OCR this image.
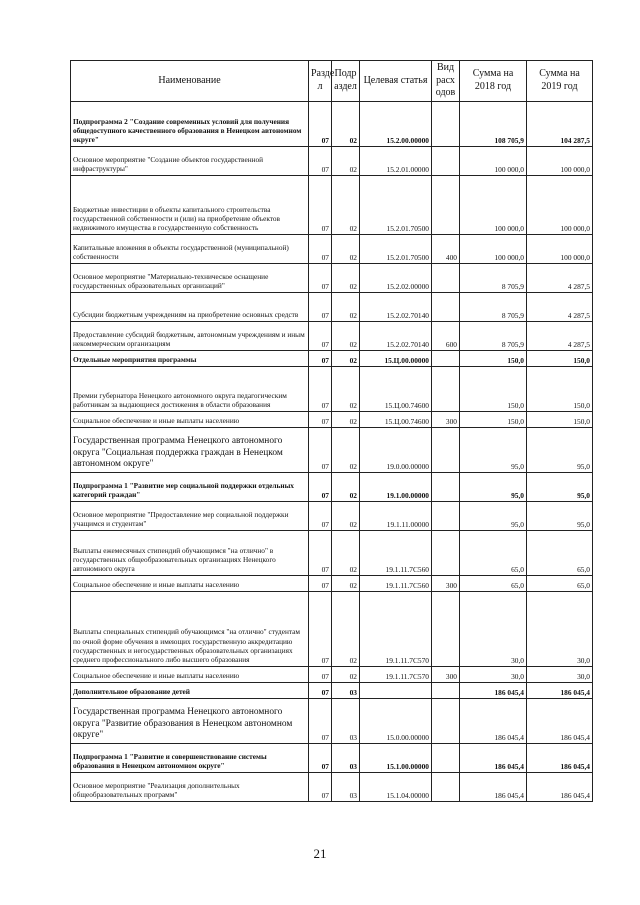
Наименование	Разде л	Подр аздел	Целевая статья	Вид расх одов	Сумма на 2018 год	Сумма на 2019 год
Подпрограмма 2 "Создание современных условий для получения общедоступного качественного образования в Ненецком автономном округе"	07	02	15.2.00.00000		108 705,9	104 287,5
Основное мероприятие "Создание объектов государственной инфраструктуры"	07	02	15.2.01.00000		100 000,0	100 000,0
Бюджетные инвестиции в объекты капитального строительства государственной собственности и (или) на приобретение объектов недвижимого имущества в государственную собственность	07	02	15.2.01.70500		100 000,0	100 000,0
Капитальные вложения в объекты государственной (муниципальной) собственности	07	02	15.2.01.70500	400	100 000,0	100 000,0
Основное мероприятие "Материально-техническое оснащение государственных образовательных организаций"	07	02	15.2.02.00000		8 705,9	4 287,5
Субсидии бюджетным учреждениям на приобретение основных средств	07	02	15.2.02.70140		8 705,9	4 287,5
Предоставление субсидий бюджетным, автономным учреждениям и иным некоммерческим организациям	07	02	15.2.02.70140	600	8 705,9	4 287,5
Отдельные мероприятия программы	07	02	15.Ц.00.00000		150,0	150,0
Премии губернатора Ненецкого автономного округа педагогическим работникам за выдающиеся достижения в области образования	07	02	15.Ц.00.74600		150,0	150,0
Социальное обеспечение и иные выплаты населению	07	02	15.Ц.00.74600	300	150,0	150,0
Государственная программа Ненецкого автономного округа "Социальная поддержка граждан в Ненецком автономном округе"	07	02	19.0.00.00000		95,0	95,0
Подпрограмма 1 "Развитие мер социальной поддержки отдельных категорий граждан"	07	02	19.1.00.00000		95,0	95,0
Основное мероприятие "Предоставление мер социальной поддержки учащимся и студентам"	07	02	19.1.11.00000		95,0	95,0
Выплаты ежемесячных стипендий обучающимся "на отлично" в государственных общеобразовательных организациях Ненецкого автономного округа	07	02	19.1.11.7С560		65,0	65,0
Социальное обеспечение и иные выплаты населению	07	02	19.1.11.7С560	300	65,0	65,0
Выплаты специальных стипендий обучающимся "на отлично" студентам по очной форме обучения в имеющих государственную аккредитацию государственных и негосударственных образовательных организациях среднего профессионального либо высшего образования	07	02	19.1.11.7С570		30,0	30,0
Социальное обеспечение и иные выплаты населению	07	02	19.1.11.7С570	300	30,0	30,0
Дополнительное образование детей	07	03			186 045,4	186 045,4
Государственная программа Ненецкого автономного округа "Развитие образования в Ненецком автономном округе"	07	03	15.0.00.00000		186 045,4	186 045,4
Подпрограмма 1 "Развитие и совершенствование системы образования в Ненецком автономном округе"	07	03	15.1.00.00000		186 045,4	186 045,4
Основное мероприятие "Реализация дополнительных общеобразовательных программ"	07	03	15.1.04.00000		186 045,4	186 045,4
21
